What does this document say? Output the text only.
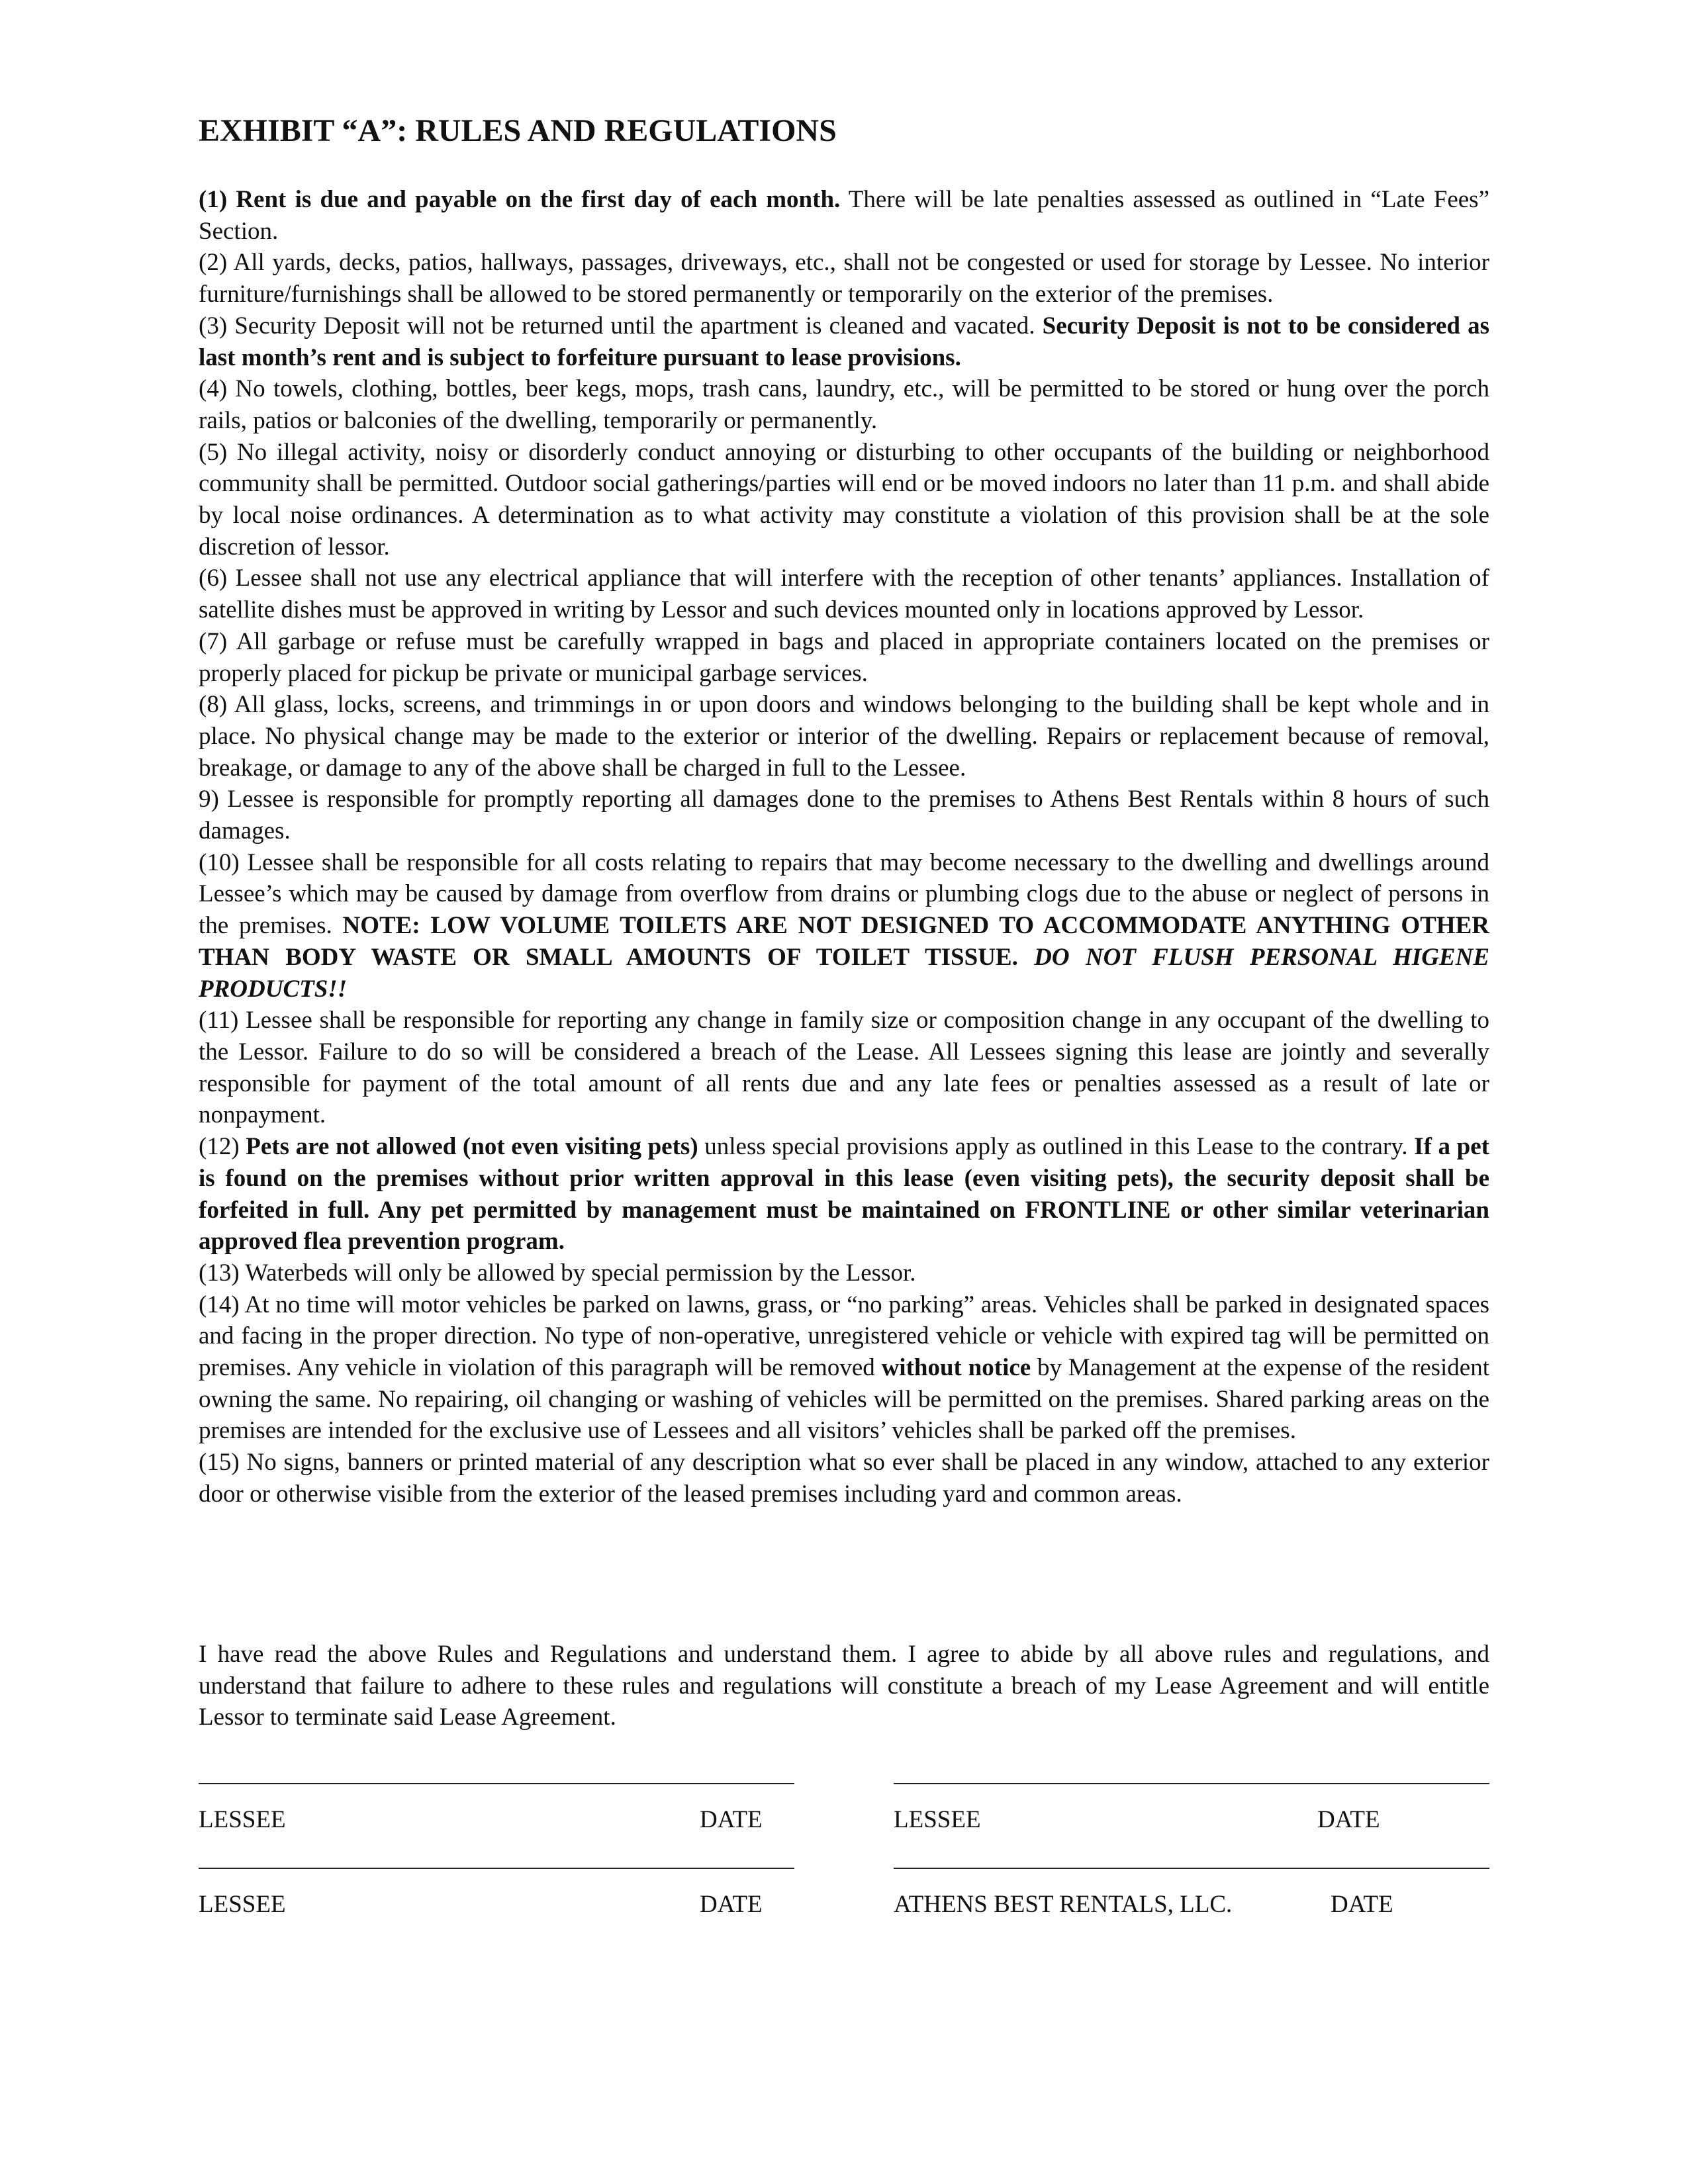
EXHIBIT “A”: RULES AND REGULATIONS

(1) Rent is due and payable on the first day of each month. There will be late penalties assessed as outlined in “Late Fees” Section.

(2) All yards, decks, patios, hallways, passages, driveways, etc., shall not be congested or used for storage by Lessee. No interior furniture/furnishings shall be allowed to be stored permanently or temporarily on the exterior of the premises.

(3) Security Deposit will not be returned until the apartment is cleaned and vacated. Security Deposit is not to be considered as last month’s rent and is subject to forfeiture pursuant to lease provisions.

(4) No towels, clothing, bottles, beer kegs, mops, trash cans, laundry, etc., will be permitted to be stored or hung over the porch rails, patios or balconies of the dwelling, temporarily or permanently.

(5) No illegal activity, noisy or disorderly conduct annoying or disturbing to other occupants of the building or neighborhood community shall be permitted. Outdoor social gatherings/parties will end or be moved indoors no later than 11 p.m. and shall abide by local noise ordinances. A determination as to what activity may constitute a violation of this provision shall be at the sole discretion of lessor.

(6) Lessee shall not use any electrical appliance that will interfere with the reception of other tenants’ appliances. Installation of satellite dishes must be approved in writing by Lessor and such devices mounted only in locations approved by Lessor.

(7) All garbage or refuse must be carefully wrapped in bags and placed in appropriate containers located on the premises or properly placed for pickup be private or municipal garbage services.

(8) All glass, locks, screens, and trimmings in or upon doors and windows belonging to the building shall be kept whole and in place. No physical change may be made to the exterior or interior of the dwelling. Repairs or replacement because of removal, breakage, or damage to any of the above shall be charged in full to the Lessee.

9) Lessee is responsible for promptly reporting all damages done to the premises to Athens Best Rentals within 8 hours of such damages.

(10) Lessee shall be responsible for all costs relating to repairs that may become necessary to the dwelling and dwellings around Lessee’s which may be caused by damage from overflow from drains or plumbing clogs due to the abuse or neglect of persons in the premises. NOTE: LOW VOLUME TOILETS ARE NOT DESIGNED TO ACCOMMODATE ANYTHING OTHER THAN BODY WASTE OR SMALL AMOUNTS OF TOILET TISSUE. DO NOT FLUSH PERSONAL HIGENE PRODUCTS!!

(11) Lessee shall be responsible for reporting any change in family size or composition change in any occupant of the dwelling to the Lessor. Failure to do so will be considered a breach of the Lease. All Lessees signing this lease are jointly and severally responsible for payment of the total amount of all rents due and any late fees or penalties assessed as a result of late or nonpayment.

(12) Pets are not allowed (not even visiting pets) unless special provisions apply as outlined in this Lease to the contrary. If a pet is found on the premises without prior written approval in this lease (even visiting pets), the security deposit shall be forfeited in full. Any pet permitted by management must be maintained on FRONTLINE or other similar veterinarian approved flea prevention program.

(13) Waterbeds will only be allowed by special permission by the Lessor.

(14) At no time will motor vehicles be parked on lawns, grass, or “no parking” areas. Vehicles shall be parked in designated spaces and facing in the proper direction. No type of non-operative, unregistered vehicle or vehicle with expired tag will be permitted on premises. Any vehicle in violation of this paragraph will be removed without notice by Management at the expense of the resident owning the same. No repairing, oil changing or washing of vehicles will be permitted on the premises. Shared parking areas on the premises are intended for the exclusive use of Lessees and all visitors’ vehicles shall be parked off the premises.

(15) No signs, banners or printed material of any description what so ever shall be placed in any window, attached to any exterior door or otherwise visible from the exterior of the leased premises including yard and common areas.

I have read the above Rules and Regulations and understand them. I agree to abide by all above rules and regulations, and understand that failure to adhere to these rules and regulations will constitute a breach of my Lease Agreement and will entitle Lessor to terminate said Lease Agreement.

LESSEE	DATE	LESSEE	DATE
LESSEE	DATE	ATHENS BEST RENTALS, LLC.	DATE
